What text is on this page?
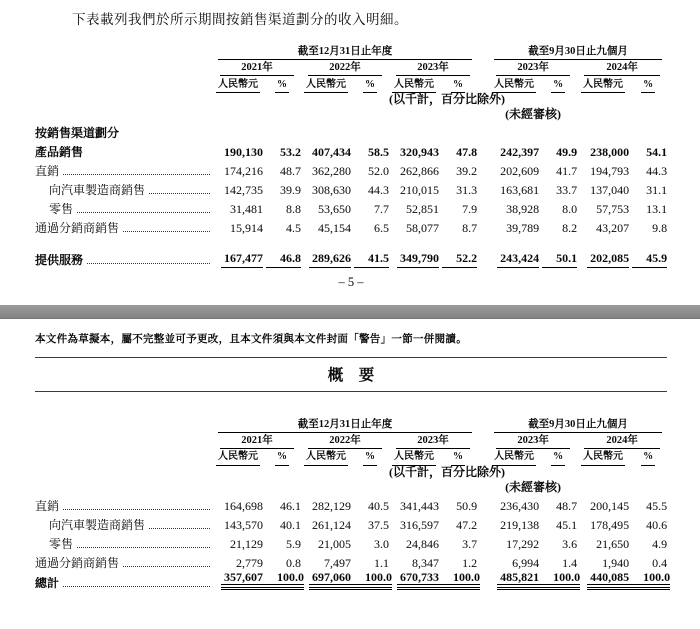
下表載列我們於所示期間按銷售渠道劃分的收入明細。

	截至12月31日止年度							截至9月30日止九個月			

	2021年		2022年		2023年			2023年		2024年	

	人民幣元	%	人民幣元	%	人民幣元	%		人民幣元	%	人民幣元	%
					(以千計，百分比除外)						
								(未經審核)			
按銷售渠道劃分											

產品銷售	190,130	53.2	407,434	58.5	320,943	47.8		242,397	49.9	238,000	54.1

直銷	174,216	48.7	362,280	52.0	262,866	39.2		202,609	41.7	194,793	44.3

向汽車製造商銷售	142,735	39.9	308,630	44.3	210,015	31.3		163,681	33.7	137,040	31.1

零售	31,481	8.8	53,650	7.7	52,851	7.9		38,928	8.0	57,753	13.1

通過分銷商銷售	15,914	4.5	45,154	6.5	58,077	8.7		39,789	8.2	43,207	9.8

提供服務	167,477	46.8	289,626	41.5	349,790	52.2		243,424	50.1	202,085	45.9
– 5 –

本文件為草擬本，屬不完整並可予更改，且本文件須與本文件封面「警告」一節一併閱讀。

概　要

	截至12月31日止年度							截至9月30日止九個月			

	2021年		2022年		2023年			2023年		2024年	

	人民幣元	%	人民幣元	%	人民幣元	%		人民幣元	%	人民幣元	%
					(以千計，百分比除外)						
								(未經審核)			

直銷	164,698	46.1	282,129	40.5	341,443	50.9		236,430	48.7	200,145	45.5

向汽車製造商銷售	143,570	40.1	261,124	37.5	316,597	47.2		219,138	45.1	178,495	40.6

零售	21,129	5.9	21,005	3.0	24,846	3.7		17,292	3.6	21,650	4.9

通過分銷商銷售	2,779	0.8	7,497	1.1	8,347	1.2		6,994	1.4	1,940	0.4

總計	357,607	100.0	697,060	100.0	670,733	100.0		485,821	100.0	440,085	100.0
